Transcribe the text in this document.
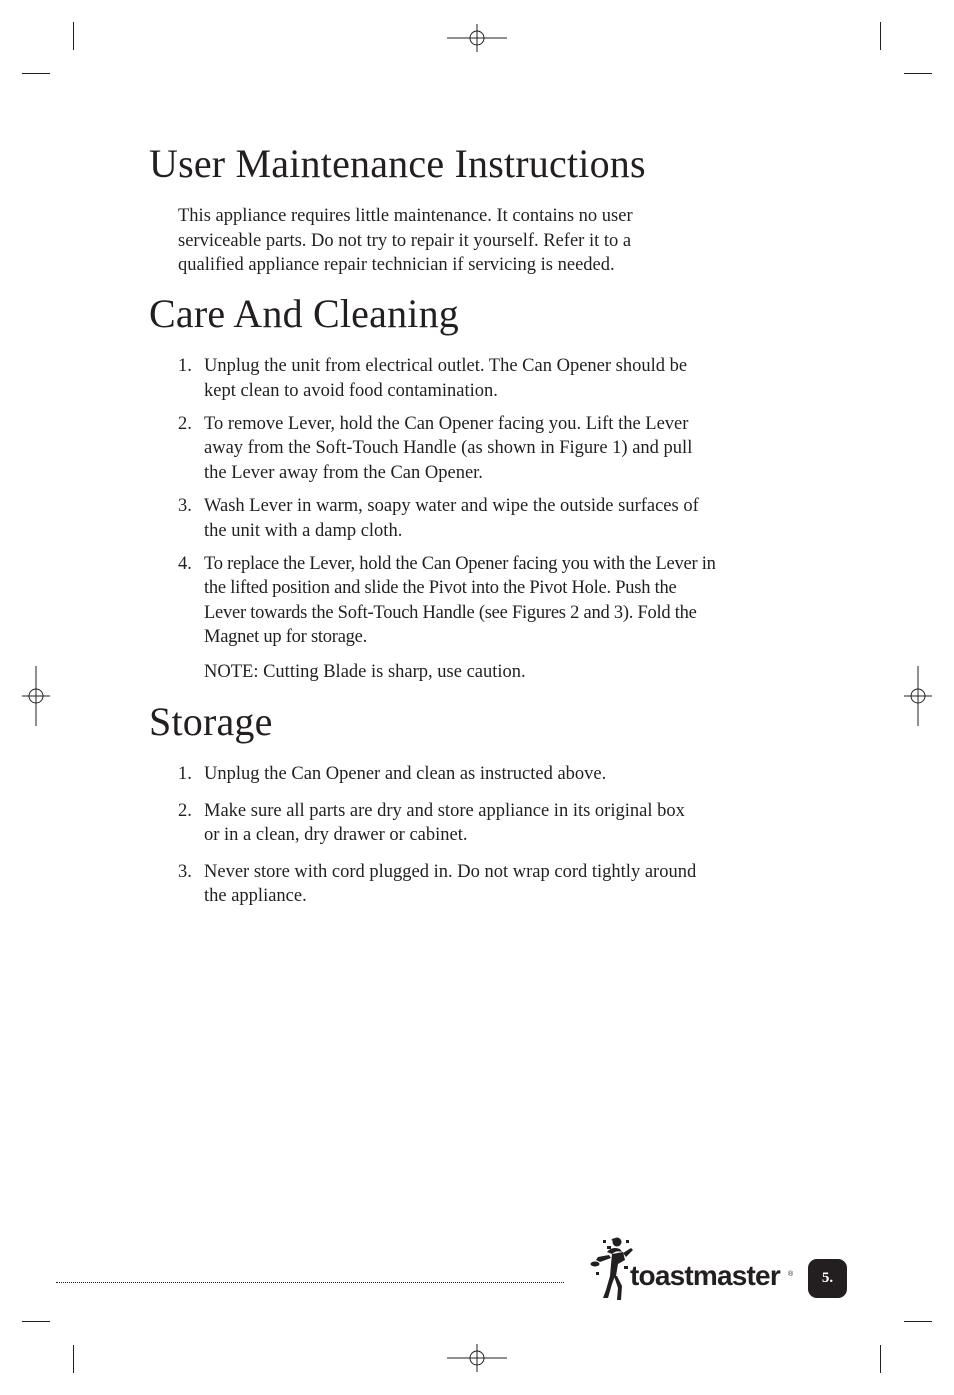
User Maintenance Instructions

This appliance requires little maintenance. It contains no user
serviceable parts. Do not try to repair it yourself. Refer it to a
qualified appliance repair technician if servicing is needed.

Care And Cleaning
1. Unplug the unit from electrical outlet. The Can Opener should be
kept clean to avoid food contamination.
2. To remove Lever, hold the Can Opener facing you. Lift the Lever
away from the Soft-Touch Handle (as shown in Figure 1) and pull
the Lever away from the Can Opener.
3. Wash Lever in warm, soapy water and wipe the outside surfaces of
the unit with a damp cloth.
4. To replace the Lever, hold the Can Opener facing you with the Lever in
the lifted position and slide the Pivot into the Pivot Hole. Push the
Lever towards the Soft-Touch Handle (see Figures 2 and 3). Fold the
Magnet up for storage.

NOTE: Cutting Blade is sharp, use caution.

Storage
1. Unplug the Can Opener and clean as instructed above.
2. Make sure all parts are dry and store appliance in its original box
or in a clean, dry drawer or cabinet.
3. Never store with cord plugged in. Do not wrap cord tightly around
the appliance.
toastmaster ® 5.
